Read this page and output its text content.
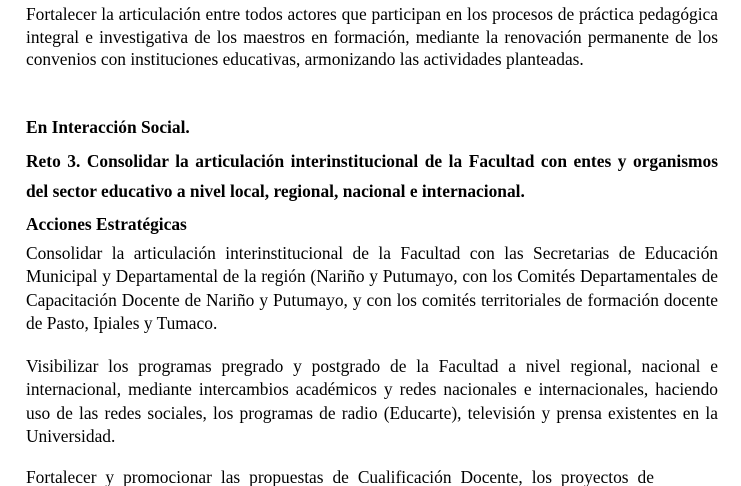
Fortalecer la articulación entre todos actores que participan en los procesos de práctica pedagógica integral e investigativa de los maestros en formación, mediante la renovación permanente de los convenios con instituciones educativas, armonizando las actividades planteadas.

En Interacción Social.

Reto 3. Consolidar la articulación interinstitucional de la Facultad con entes y organismos del sector educativo a nivel local, regional, nacional e internacional.

Acciones Estratégicas

Consolidar la articulación interinstitucional de la Facultad con las Secretarias de Educación Municipal y Departamental de la región (Nariño y Putumayo, con los Comités Departamentales de Capacitación Docente de Nariño y Putumayo, y con los comités territoriales de formación docente de Pasto, Ipiales y Tumaco.

Visibilizar los programas pregrado y postgrado de la Facultad a nivel regional, nacional e internacional, mediante intercambios académicos y redes nacionales e internacionales, haciendo uso de las redes sociales, los programas de radio (Educarte), televisión y prensa existentes en la Universidad.

Fortalecer y promocionar las propuestas de Cualificación Docente, los proyectos de
